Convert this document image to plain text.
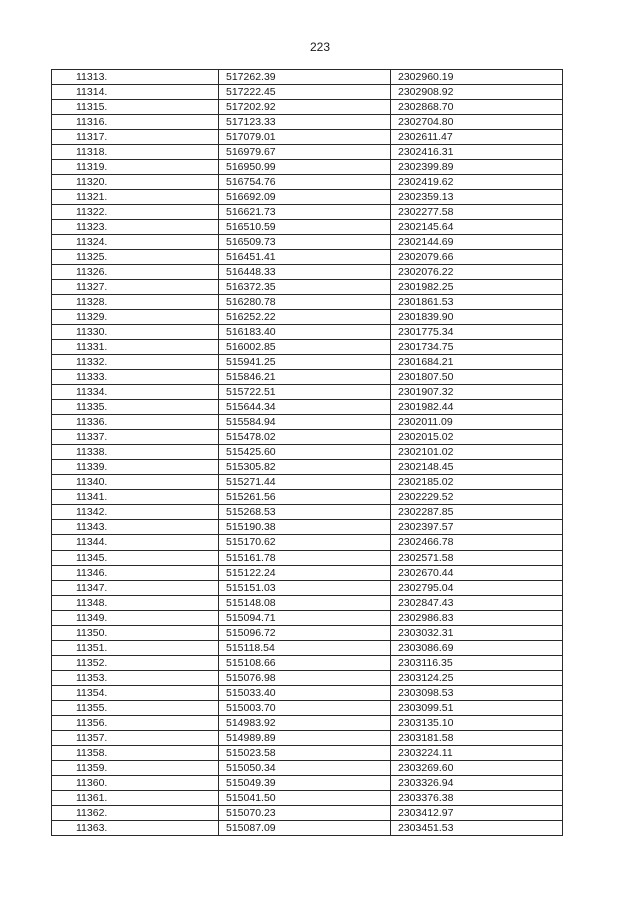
223
11313.	517262.39	2302960.19
11314.	517222.45	2302908.92
11315.	517202.92	2302868.70
11316.	517123.33	2302704.80
11317.	517079.01	2302611.47
11318.	516979.67	2302416.31
11319.	516950.99	2302399.89
11320.	516754.76	2302419.62
11321.	516692.09	2302359.13
11322.	516621.73	2302277.58
11323.	516510.59	2302145.64
11324.	516509.73	2302144.69
11325.	516451.41	2302079.66
11326.	516448.33	2302076.22
11327.	516372.35	2301982.25
11328.	516280.78	2301861.53
11329.	516252.22	2301839.90
11330.	516183.40	2301775.34
11331.	516002.85	2301734.75
11332.	515941.25	2301684.21
11333.	515846.21	2301807.50
11334.	515722.51	2301907.32
11335.	515644.34	2301982.44
11336.	515584.94	2302011.09
11337.	515478.02	2302015.02
11338.	515425.60	2302101.02
11339.	515305.82	2302148.45
11340.	515271.44	2302185.02
11341.	515261.56	2302229.52
11342.	515268.53	2302287.85
11343.	515190.38	2302397.57
11344.	515170.62	2302466.78
11345.	515161.78	2302571.58
11346.	515122.24	2302670.44
11347.	515151.03	2302795.04
11348.	515148.08	2302847.43
11349.	515094.71	2302986.83
11350.	515096.72	2303032.31
11351.	515118.54	2303086.69
11352.	515108.66	2303116.35
11353.	515076.98	2303124.25
11354.	515033.40	2303098.53
11355.	515003.70	2303099.51
11356.	514983.92	2303135.10
11357.	514989.89	2303181.58
11358.	515023.58	2303224.11
11359.	515050.34	2303269.60
11360.	515049.39	2303326.94
11361.	515041.50	2303376.38
11362.	515070.23	2303412.97
11363.	515087.09	2303451.53
